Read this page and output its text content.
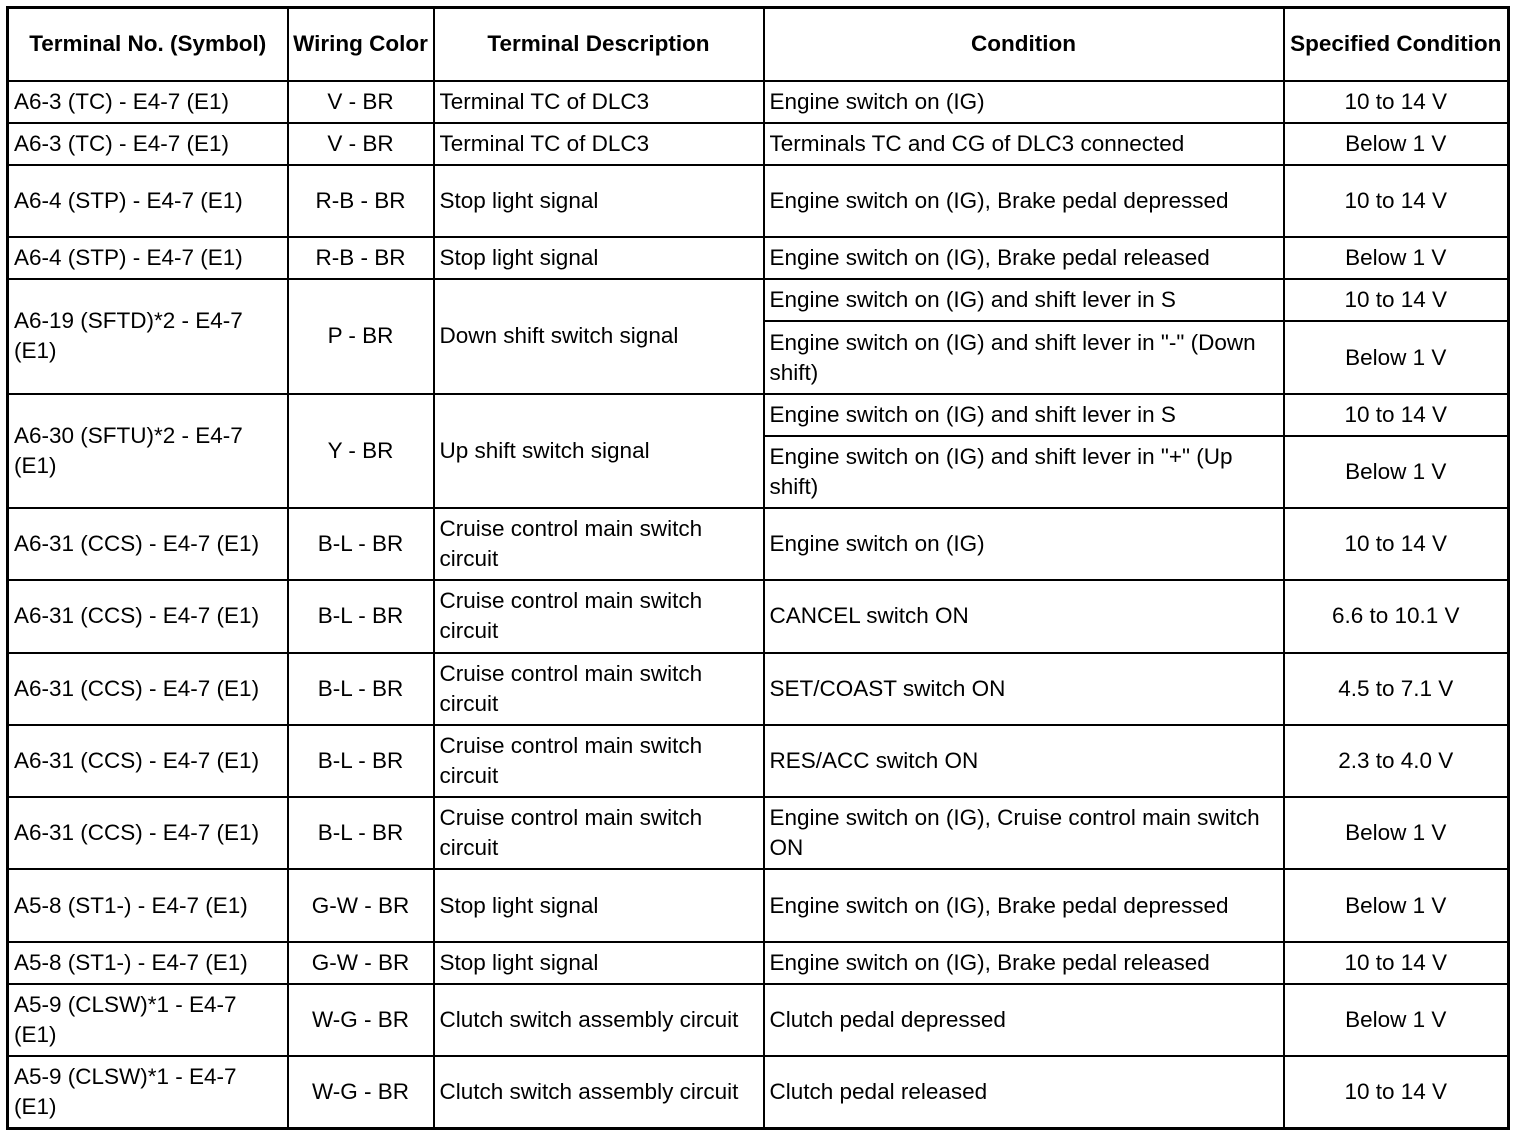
Terminal No. (Symbol)	Wiring Color	Terminal Description	Condition	Specified Condition
A6-3 (TC) - E4-7 (E1)	V - BR	Terminal TC of DLC3	Engine switch on (IG)	10 to 14 V
A6-3 (TC) - E4-7 (E1)	V - BR	Terminal TC of DLC3	Terminals TC and CG of DLC3 connected	Below 1 V
A6-4 (STP) - E4-7 (E1)	R-B - BR	Stop light signal	Engine switch on (IG), Brake pedal depressed	10 to 14 V
A6-4 (STP) - E4-7 (E1)	R-B - BR	Stop light signal	Engine switch on (IG), Brake pedal released	Below 1 V
A6-19 (SFTD)*2 - E4-7 (E1)	P - BR	Down shift switch signal	Engine switch on (IG) and shift lever in S	10 to 14 V
			Engine switch on (IG) and shift lever in "-" (Down shift)	Below 1 V
A6-30 (SFTU)*2 - E4-7 (E1)	Y - BR	Up shift switch signal	Engine switch on (IG) and shift lever in S	10 to 14 V
			Engine switch on (IG) and shift lever in "+" (Up shift)	Below 1 V
A6-31 (CCS) - E4-7 (E1)	B-L - BR	Cruise control main switch circuit	Engine switch on (IG)	10 to 14 V
A6-31 (CCS) - E4-7 (E1)	B-L - BR	Cruise control main switch circuit	CANCEL switch ON	6.6 to 10.1 V
A6-31 (CCS) - E4-7 (E1)	B-L - BR	Cruise control main switch circuit	SET/COAST switch ON	4.5 to 7.1 V
A6-31 (CCS) - E4-7 (E1)	B-L - BR	Cruise control main switch circuit	RES/ACC switch ON	2.3 to 4.0 V
A6-31 (CCS) - E4-7 (E1)	B-L - BR	Cruise control main switch circuit	Engine switch on (IG), Cruise control main switch ON	Below 1 V
A5-8 (ST1-) - E4-7 (E1)	G-W - BR	Stop light signal	Engine switch on (IG), Brake pedal depressed	Below 1 V
A5-8 (ST1-) - E4-7 (E1)	G-W - BR	Stop light signal	Engine switch on (IG), Brake pedal released	10 to 14 V
A5-9 (CLSW)*1 - E4-7 (E1)	W-G - BR	Clutch switch assembly circuit	Clutch pedal depressed	Below 1 V
A5-9 (CLSW)*1 - E4-7 (E1)	W-G - BR	Clutch switch assembly circuit	Clutch pedal released	10 to 14 V
